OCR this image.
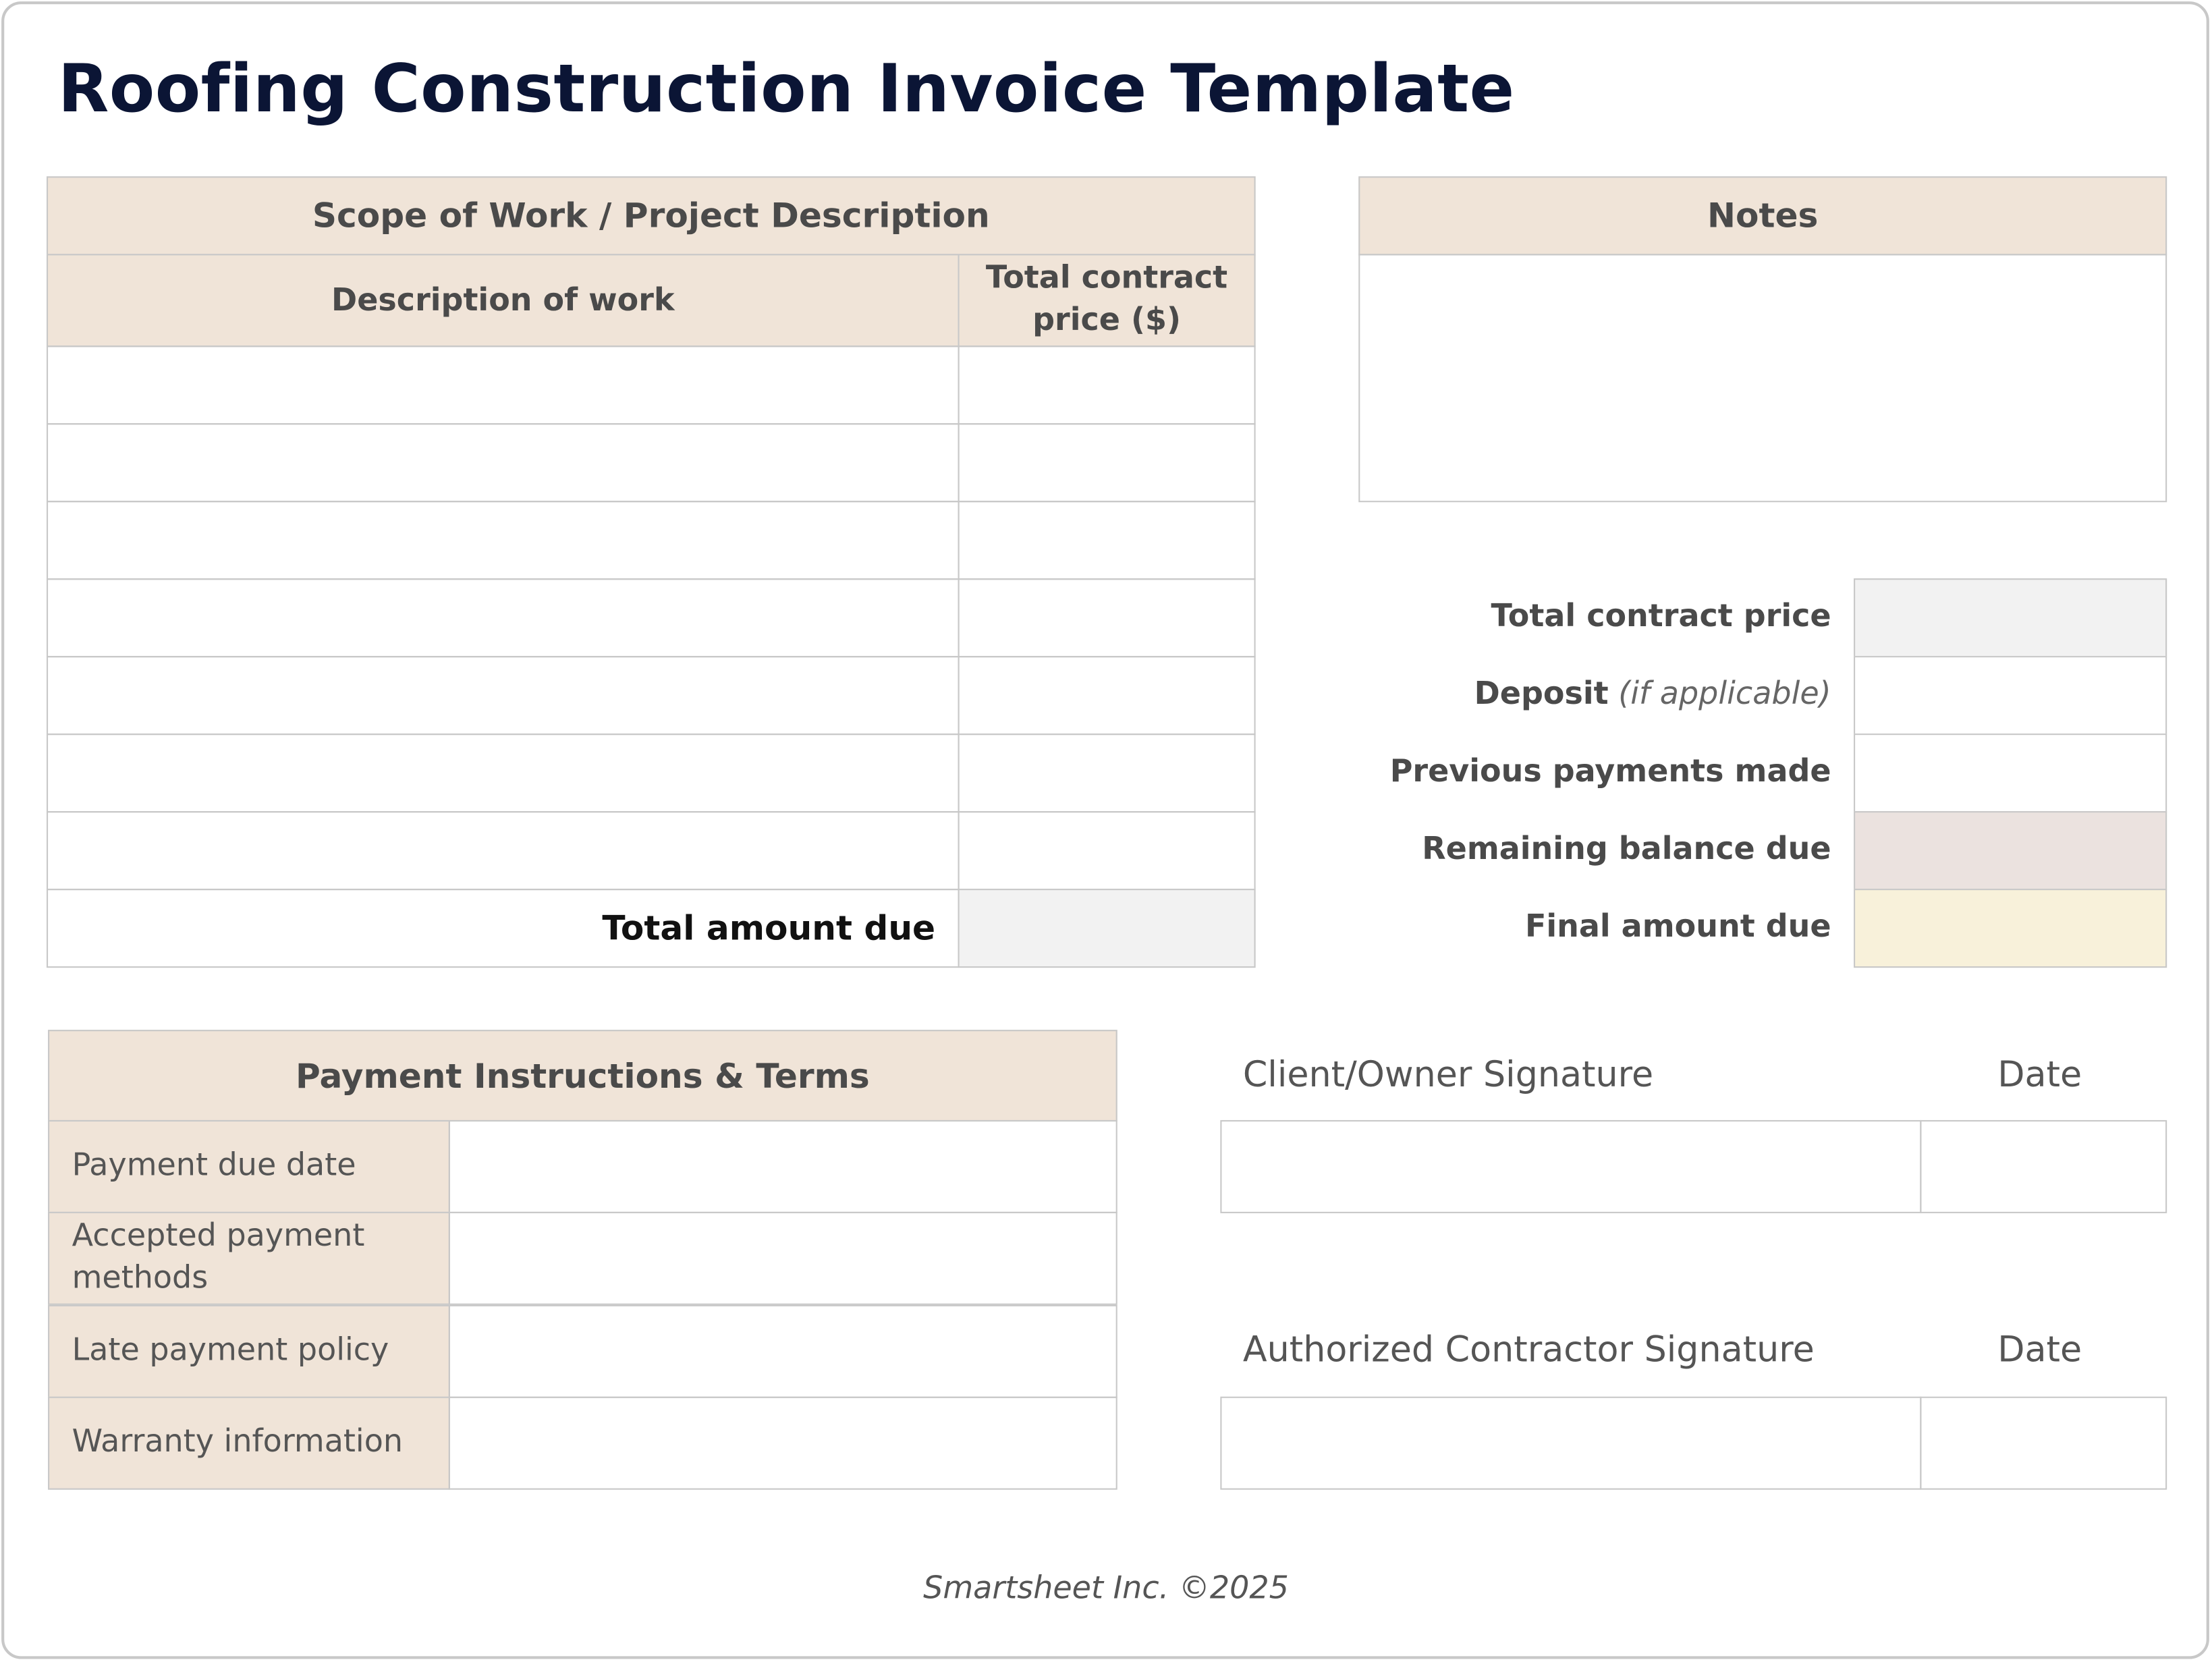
Roofing Construction Invoice Template
Scope of Work / Project Description
Description of work
Total contract price ($)
Total amount due
Notes
Total contract price
Deposit (if applicable)
Previous payments made
Remaining balance due
Final amount due
Payment Instructions & Terms
Payment due date
Accepted payment methods
Late payment policy
Warranty information
Client/Owner Signature	Date
Authorized Contractor Signature	Date
Smartsheet Inc. ©2025
